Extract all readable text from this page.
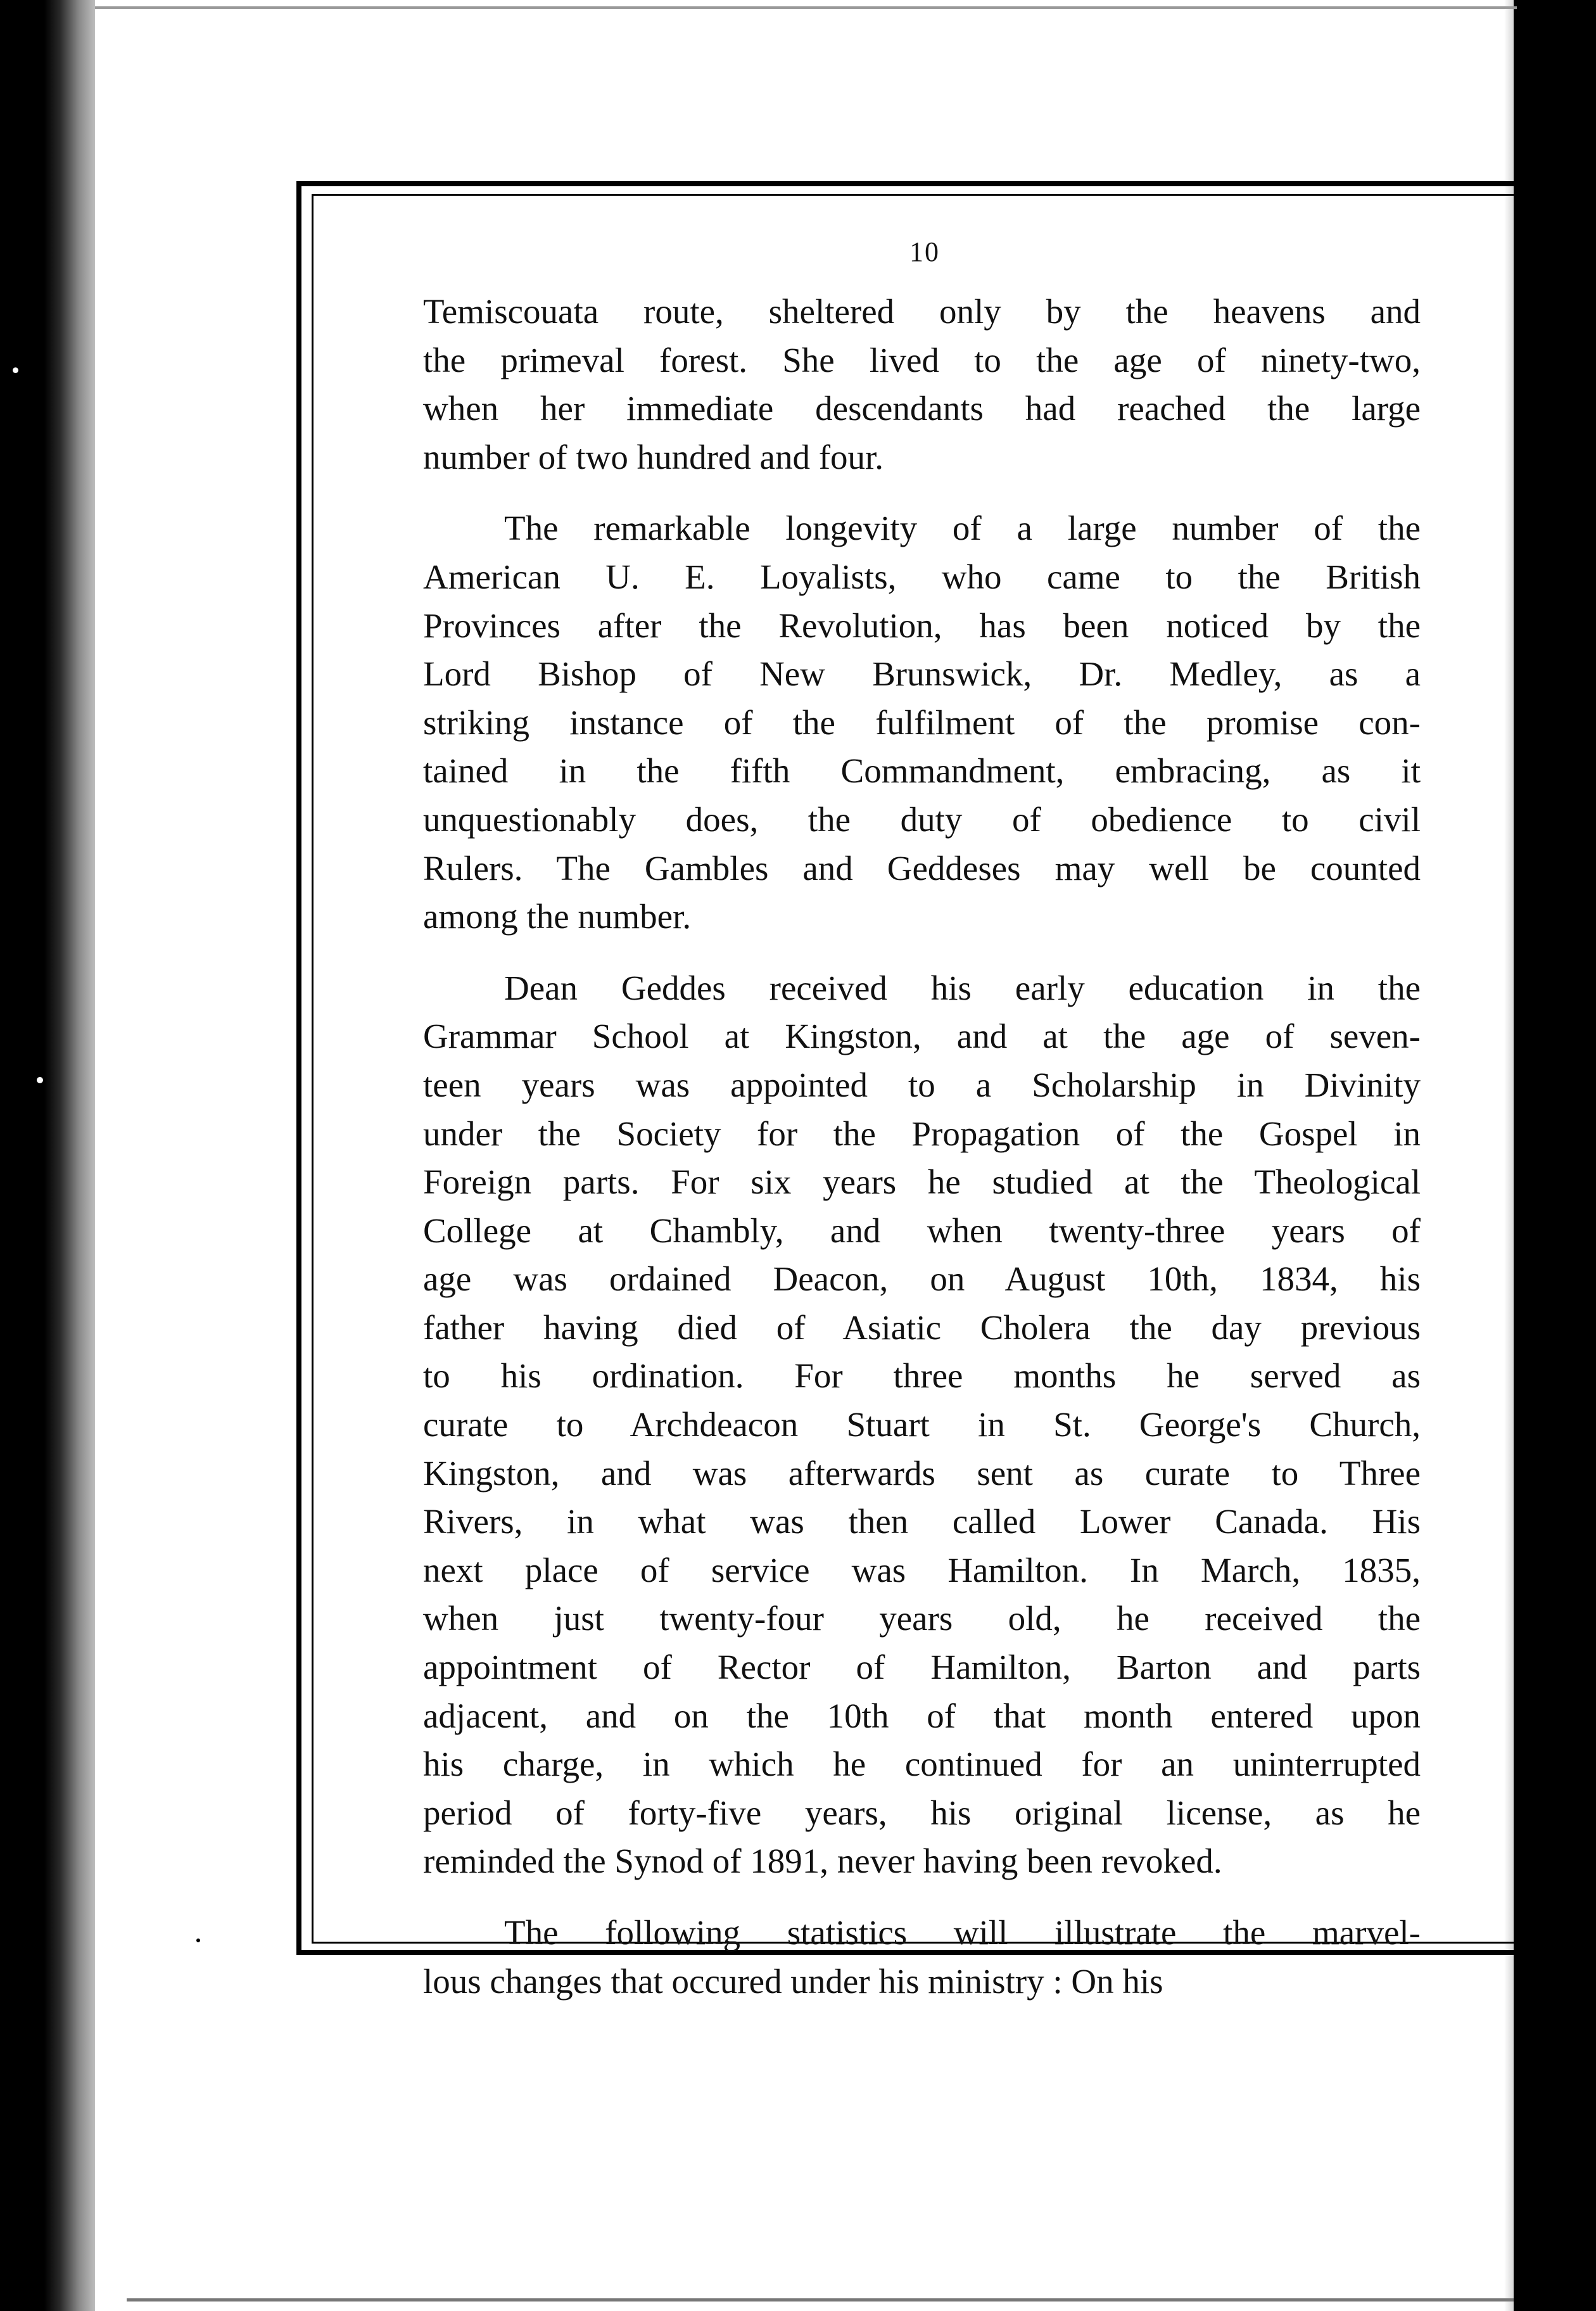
10

Temiscouata route, sheltered only by the heavens and
the primeval forest. She lived to the age of ninety-two,
when her immediate descendants had reached the large
number of two hundred and four.

The remarkable longevity of a large number of the
American U. E. Loyalists, who came to the British
Provinces after the Revolution, has been noticed by the
Lord Bishop of New Brunswick, Dr. Medley, as a
striking instance of the fulfilment of the promise con-
tained in the fifth Commandment, embracing, as it
unquestionably does, the duty of obedience to civil
Rulers. The Gambles and Geddeses may well be counted
among the number.

Dean Geddes received his early education in the
Grammar School at Kingston, and at the age of seven-
teen years was appointed to a Scholarship in Divinity
under the Society for the Propagation of the Gospel in
Foreign parts. For six years he studied at the Theological
College at Chambly, and when twenty-three years of
age was ordained Deacon, on August 10th, 1834, his
father having died of Asiatic Cholera the day previous
to his ordination. For three months he served as
curate to Archdeacon Stuart in St. George's Church,
Kingston, and was afterwards sent as curate to Three
Rivers, in what was then called Lower Canada. His
next place of service was Hamilton. In March, 1835,
when just twenty-four years old, he received the
appointment of Rector of Hamilton, Barton and parts
adjacent, and on the 10th of that month entered upon
his charge, in which he continued for an uninterrupted
period of forty-five years, his original license, as he
reminded the Synod of 1891, never having been revoked.

The following statistics will illustrate the marvel-
lous changes that occured under his ministry : On his
